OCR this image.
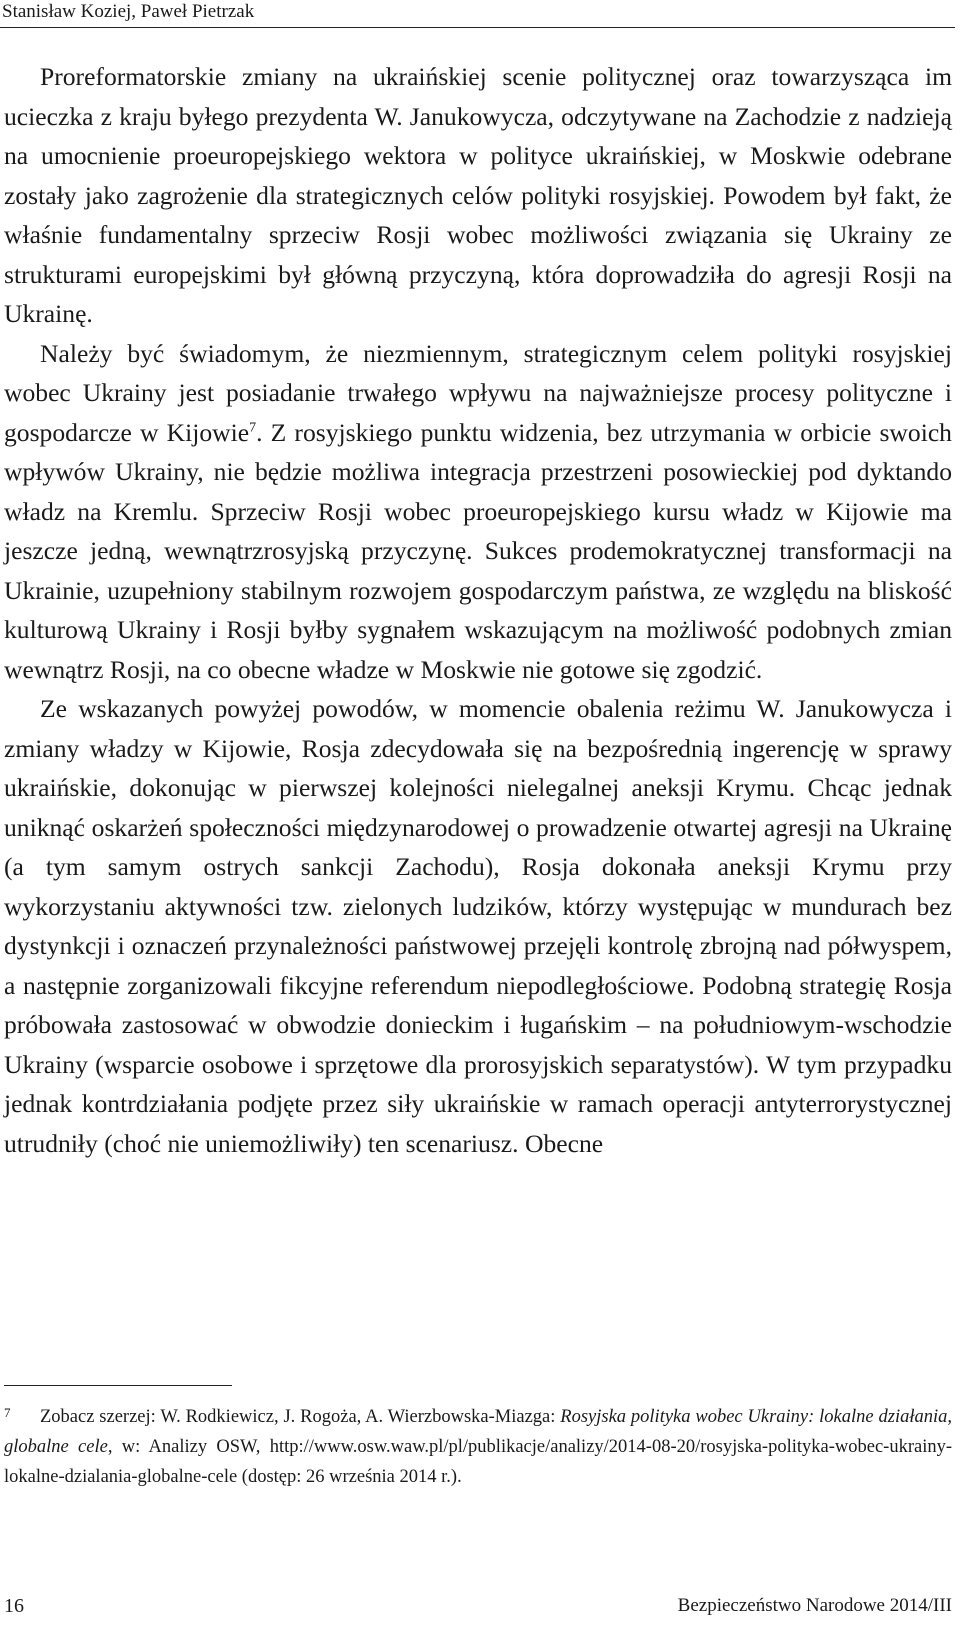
Stanisław Koziej, Paweł Pietrzak

Proreformatorskie zmiany na ukraińskiej scenie politycznej oraz towarzysząca im ucieczka z kraju byłego prezydenta W. Janukowycza, odczytywane na Zachodzie z nadzieją na umocnienie proeuropejskiego wektora w polityce ukraińskiej, w Moskwie odebrane zostały jako zagrożenie dla strategicznych celów polityki rosyjskiej. Powodem był fakt, że właśnie fundamentalny sprzeciw Rosji wobec możliwości związania się Ukrainy ze strukturami europejskimi był główną przyczyną, która doprowadziła do agresji Rosji na Ukrainę.

Należy być świadomym, że niezmiennym, strategicznym celem polityki rosyjskiej wobec Ukrainy jest posiadanie trwałego wpływu na najważniejsze procesy polityczne i gospodarcze w Kijowie$^7$. Z rosyjskiego punktu widzenia, bez utrzymania w orbicie swoich wpływów Ukrainy, nie będzie możliwa integracja przestrzeni posowieckiej pod dyktando władz na Kremlu. Sprzeciw Rosji wobec proeuropejskiego kursu władz w Kijowie ma jeszcze jedną, wewnątrzrosyjską przyczynę. Sukces prodemokratycznej transformacji na Ukrainie, uzupełniony stabilnym rozwojem gospodarczym państwa, ze względu na bliskość kulturową Ukrainy i Rosji byłby sygnałem wskazującym na możliwość podobnych zmian wewnątrz Rosji, na co obecne władze w Moskwie nie gotowe się zgodzić.

Ze wskazanych powyżej powodów, w momencie obalenia reżimu W. Janukowycza i zmiany władzy w Kijowie, Rosja zdecydowała się na bezpośrednią ingerencję w sprawy ukraińskie, dokonując w pierwszej kolejności nielegalnej aneksji Krymu. Chcąc jednak uniknąć oskarżeń społeczności międzynarodowej o prowadzenie otwartej agresji na Ukrainę (a tym samym ostrych sankcji Zachodu), Rosja dokonała aneksji Krymu przy wykorzystaniu aktywności tzw. zielonych ludzików, którzy występując w mundurach bez dystynkcji i oznaczeń przynależności państwowej przejęli kontrolę zbrojną nad półwyspem, a następnie zorganizowali fikcyjne referendum niepodległościowe. Podobną strategię Rosja próbowała zastosować w obwodzie donieckim i ługańskim – na południowym-wschodzie Ukrainy (wsparcie osobowe i sprzętowe dla prorosyjskich separatystów). W tym przypadku jednak kontrdziałania podjęte przez siły ukraińskie w ramach operacji antyterrorystycznej utrudniły (choć nie uniemożliwiły) ten scenariusz. Obecne

7	Zobacz szerzej: W. Rodkiewicz, J. Rogoża, A. Wierzbowska-Miazga: Rosyjska polityka wobec Ukrainy: lokalne działania, globalne cele, w: Analizy OSW, http://www.osw.waw.pl/pl/publikacje/analizy/2014-08-20/rosyjska-polityka-wobec-ukrainy-lokalne-dzialania-globalne-cele (dostęp: 26 września 2014 r.).
16	Bezpieczeństwo Narodowe 2014/III
